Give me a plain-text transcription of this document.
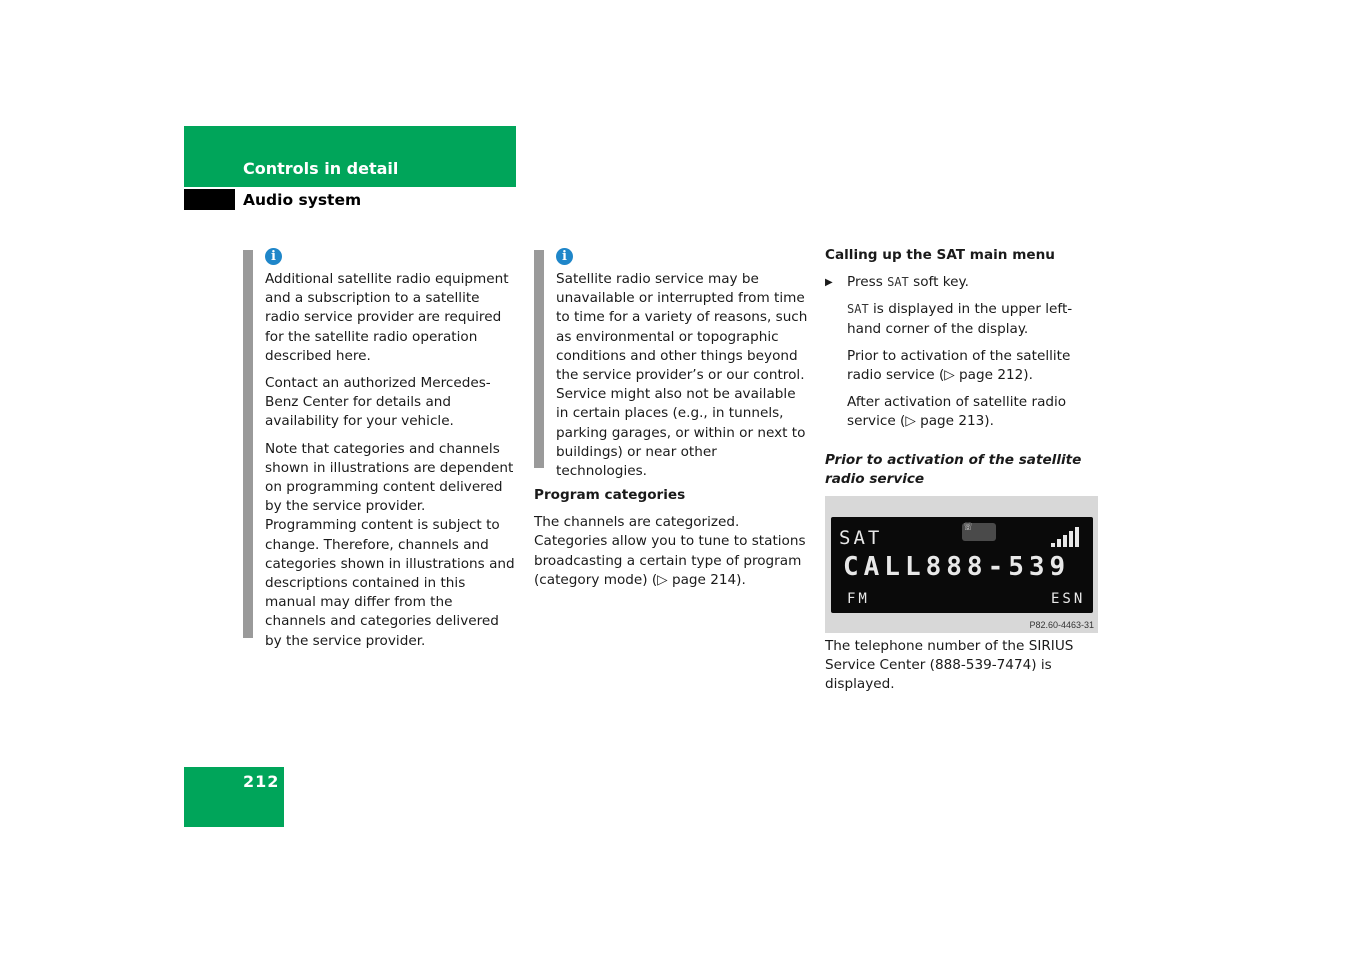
Controls in detail
Audio system
i

Additional satellite radio equipment and a subscription to a satellite radio service provider are required for the satellite radio operation described here.

Contact an authorized Mercedes-Benz Center for details and availability for your vehicle.

Note that categories and channels shown in illustrations are dependent on programming content delivered by the service provider. Programming content is subject to change. Therefore, channels and categories shown in illustrations and descriptions contained in this manual may differ from the channels and categories delivered by the service provider.

i

Satellite radio service may be unavailable or interrupted from time to time for a variety of reasons, such as environmental or topographic conditions and other things beyond the service provider’s or our control. Service might also not be available in certain places (e.g., in tunnels, parking garages, or within or next to buildings) or near other technologies.

Program categories

The channels are categorized. Categories allow you to tune to stations broadcasting a certain type of program (category mode) (▷ page 214).

Calling up the SAT main menu

▶ Press SAT soft key.

SAT is displayed in the upper left-hand corner of the display.

Prior to activation of the satellite radio service (▷ page 212).

After activation of satellite radio service (▷ page 213).

Prior to activation of the satellite radio service
☏
SAT
CALL888-539
FM	ESN
P82.60-4463-31

The telephone number of the SIRIUS Service Center (888-539-7474) is displayed.

212
